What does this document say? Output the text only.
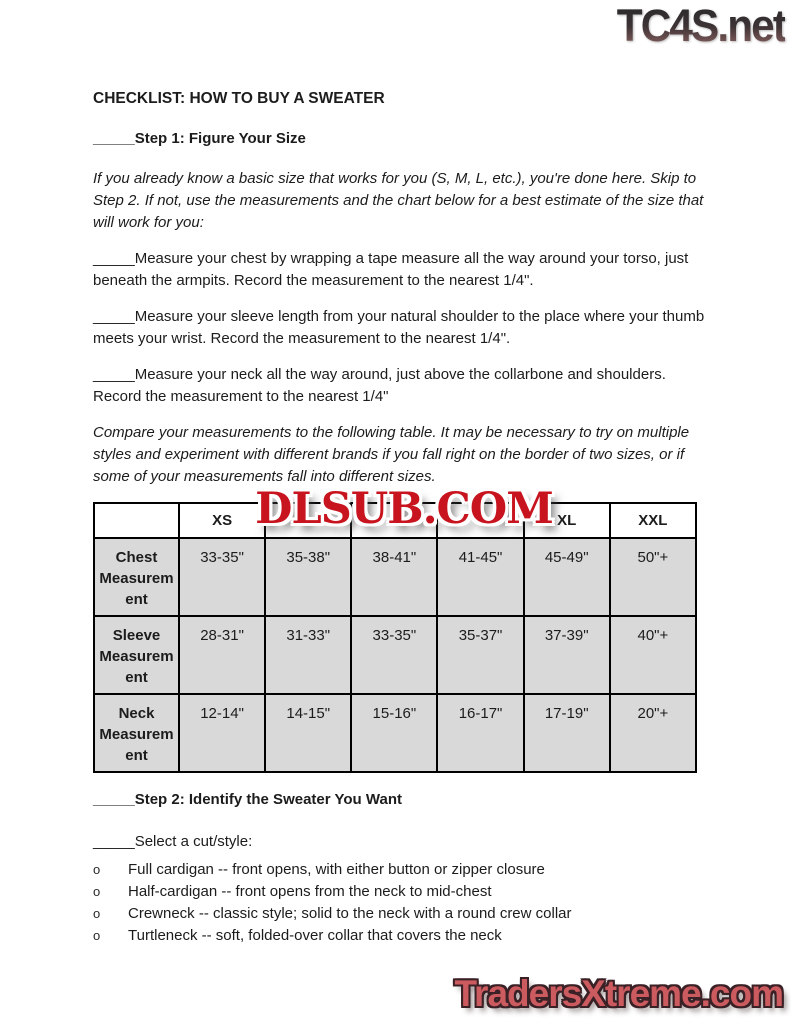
TC4S.net
CHECKLIST: HOW TO BUY A SWEATER
_____Step 1: Figure Your Size

If you already know a basic size that works for you (S, M, L, etc.), you're done here. Skip to Step 2. If not, use the measurements and the chart below for a best estimate of the size that will work for you:

_____Measure your chest by wrapping a tape measure all the way around your torso, just beneath the armpits. Record the measurement to the nearest 1/4".

_____Measure your sleeve length from your natural shoulder to the place where your thumb meets your wrist. Record the measurement to the nearest 1/4".

_____Measure your neck all the way around, just above the collarbone and shoulders. Record the measurement to the nearest 1/4"

Compare your measurements to the following table. It may be necessary to try on multiple styles and experiment with different brands if you fall right on the border of two sizes, or if some of your measurements fall into different sizes.

DLSUB.COM
	XS				XL	XXL
Chest Measurement	33-35"	35-38"	38-41"	41-45"	45-49"	50"+
Sleeve Measurement	28-31"	31-33"	33-35"	35-37"	37-39"	40"+
Neck Measurement	12-14"	14-15"	15-16"	16-17"	17-19"	20"+
_____Step 2: Identify the Sweater You Want

_____Select a cut/style:

o	Full cardigan -- front opens, with either button or zipper closure
o	Half-cardigan -- front opens from the neck to mid-chest
o	Crewneck -- classic style; solid to the neck with a round crew collar
o	Turtleneck -- soft, folded-over collar that covers the neck
TradersXtreme.com
